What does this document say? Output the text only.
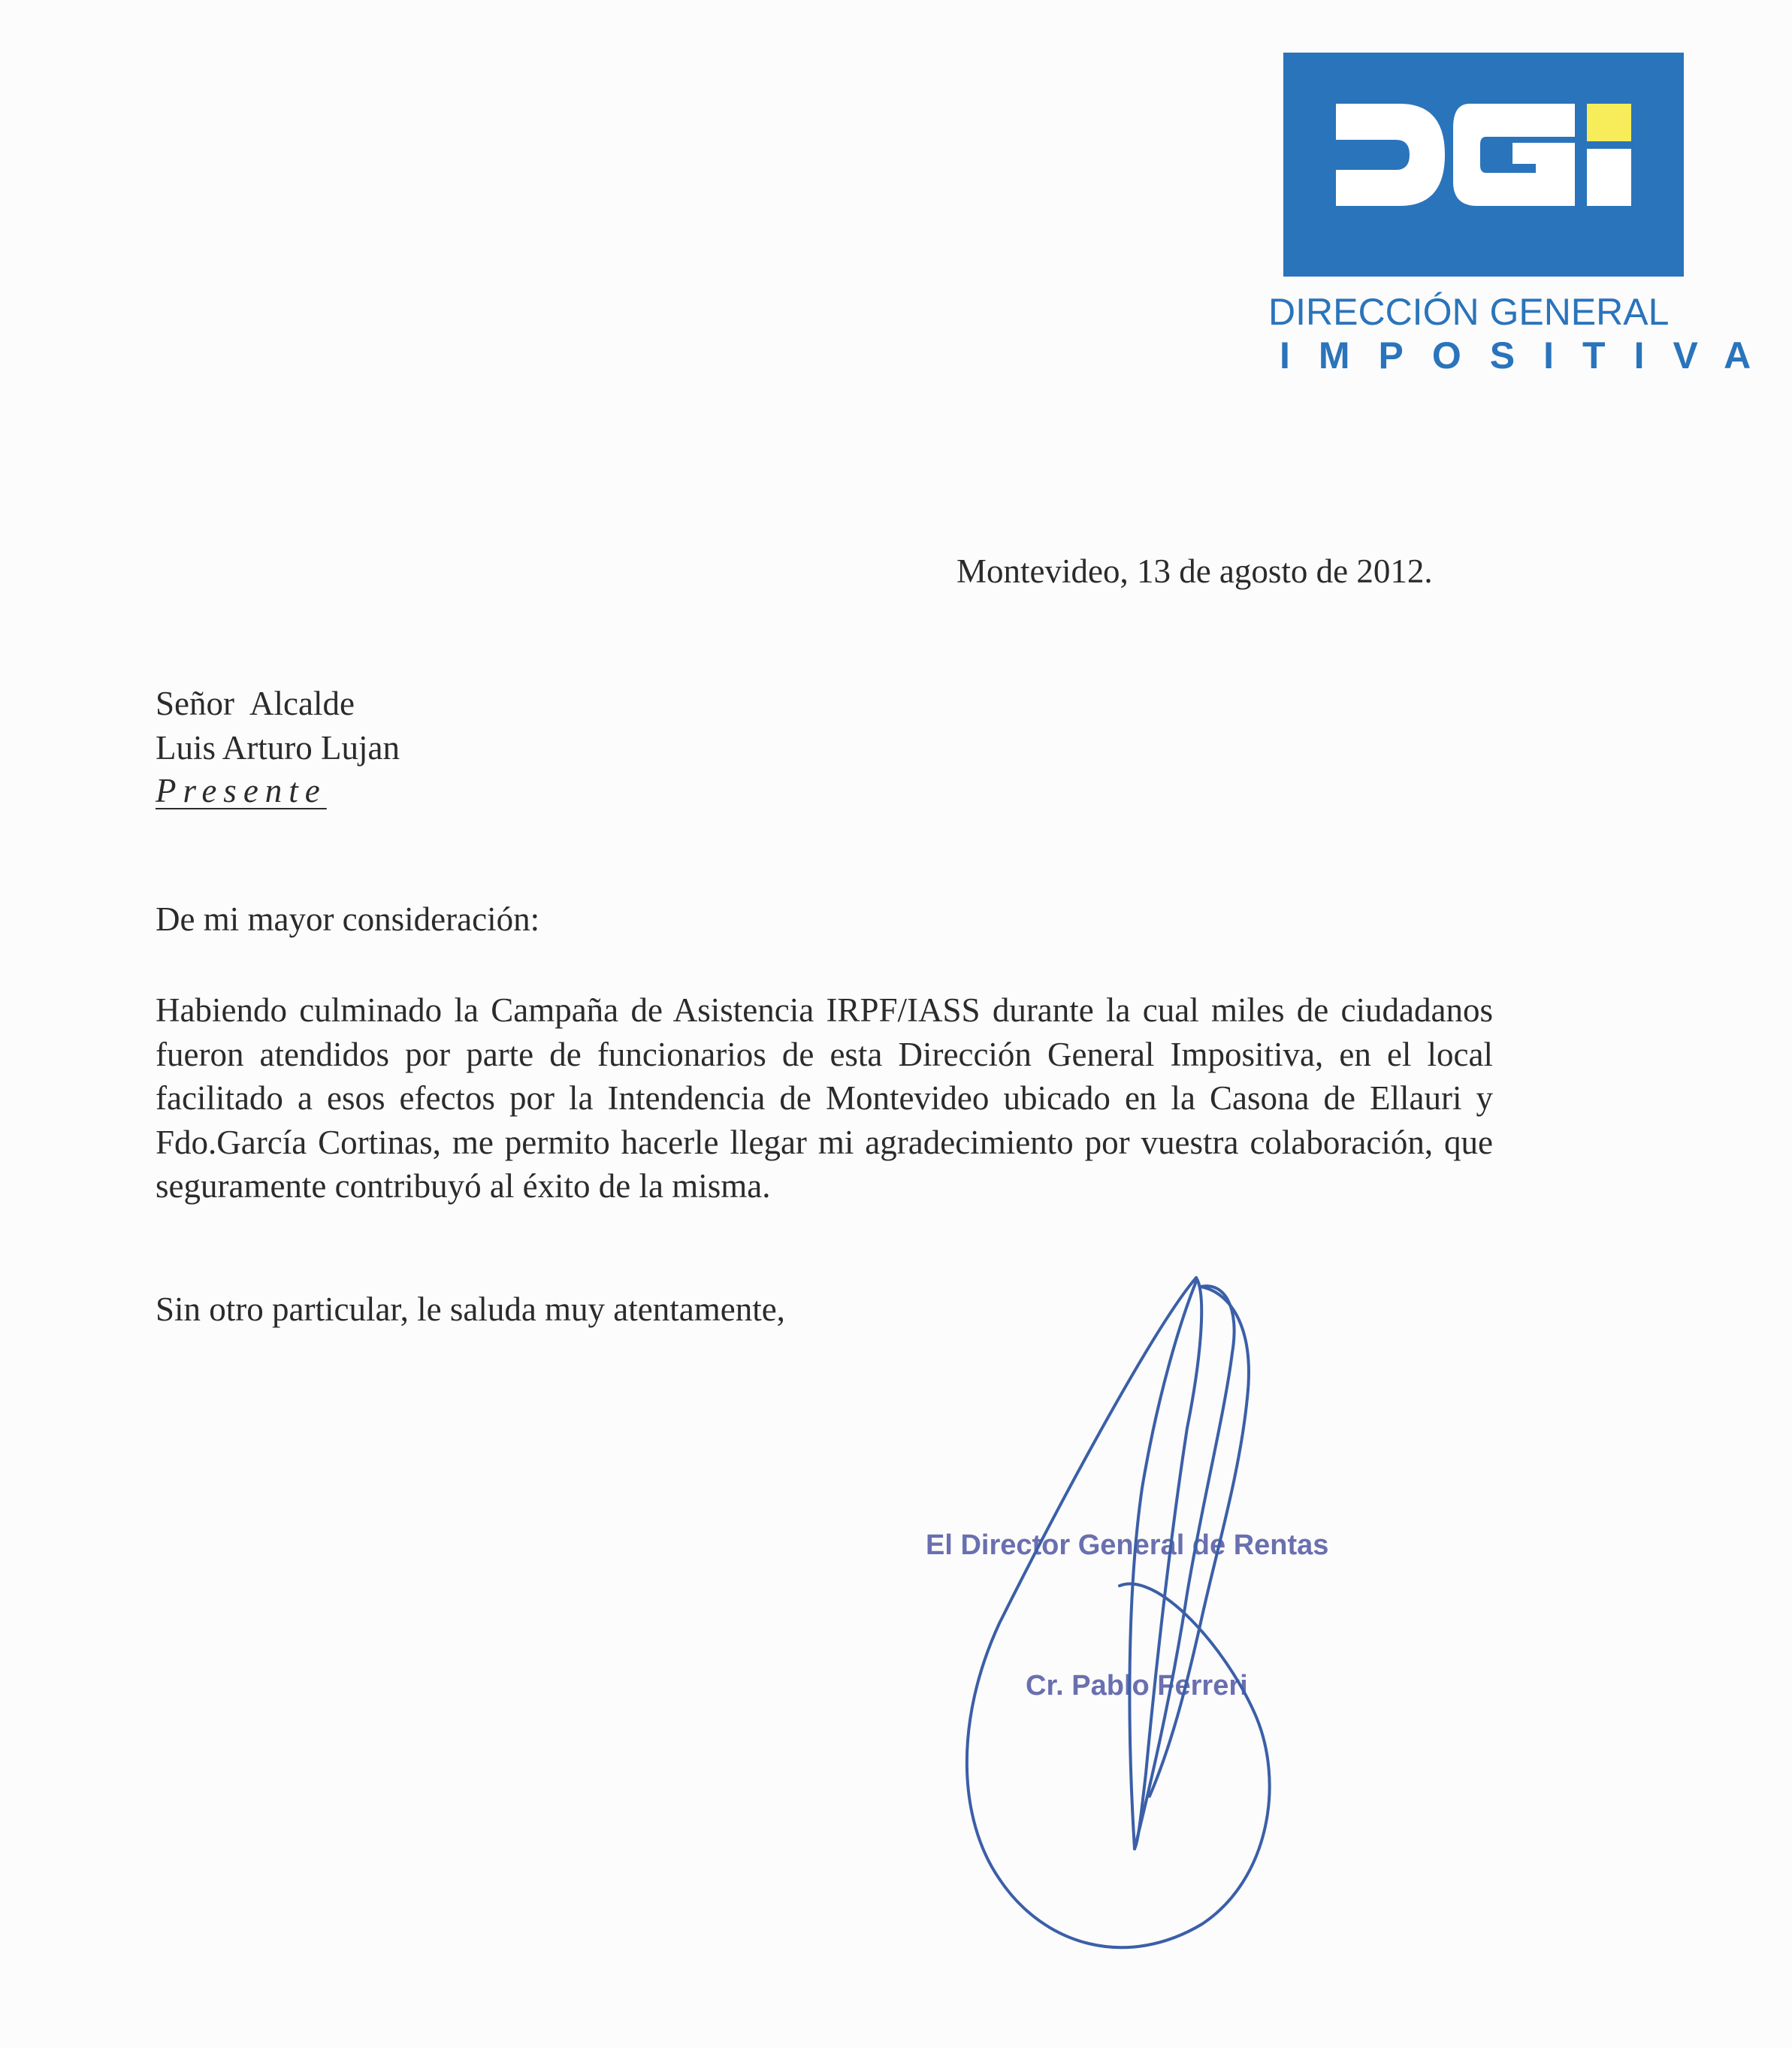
DIRECCIÓN GENERAL
IMPOSITIVA
Montevideo, 13 de agosto de 2012.
Señor  Alcalde
Luis Arturo Lujan
Presente
De mi mayor consideración:
Habiendo culminado la Campaña de Asistencia IRPF/IASS durante la cual miles de ciudadanos fueron atendidos por parte de funcionarios de esta Dirección General Impositiva, en el local facilitado a esos efectos por la Intendencia de Montevideo ubicado en la Casona de Ellauri y Fdo.García Cortinas, me permito hacerle llegar mi agradecimiento por vuestra colaboración, que seguramente contribuyó al éxito de la misma.
Sin otro particular, le saluda muy atentamente,
El Director General de Rentas
Cr. Pablo Ferreri
